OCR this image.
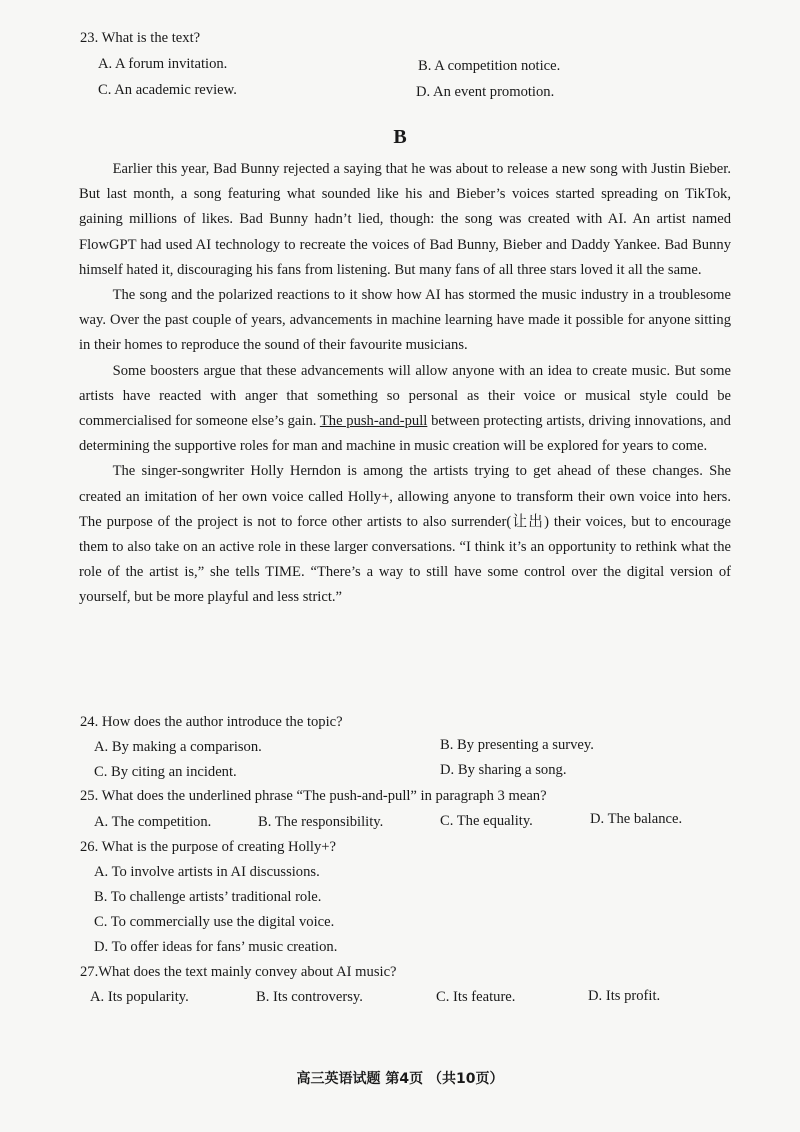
23. What is the text?
A. A forum invitation.	B. A competition notice.
C. An academic review.	D. An event promotion.
B

Earlier this year, Bad Bunny rejected a saying that he was about to release a new song with Justin Bieber. But last month, a song featuring what sounded like his and Bieber’s voices started spreading on TikTok, gaining millions of likes. Bad Bunny hadn’t lied, though: the song was created with AI. An artist named FlowGPT had used AI technology to recreate the voices of Bad Bunny, Bieber and Daddy Yankee. Bad Bunny himself hated it, discouraging his fans from listening. But many fans of all three stars loved it all the same.

The song and the polarized reactions to it show how AI has stormed the music industry in a troublesome way. Over the past couple of years, advancements in machine learning have made it possible for anyone sitting in their homes to reproduce the sound of their favourite musicians.

Some boosters argue that these advancements will allow anyone with an idea to create music. But some artists have reacted with anger that something so personal as their voice or musical style could be commercialised for someone else’s gain. The push-and-pull between protecting artists, driving innovations, and determining the supportive roles for man and machine in music creation will be explored for years to come.

The singer-songwriter Holly Herndon is among the artists trying to get ahead of these changes. She created an imitation of her own voice called Holly+, allowing anyone to transform their own voice into hers. The purpose of the project is not to force other artists to also surrender(让出) their voices, but to encourage them to also take on an active role in these larger conversations. “I think it’s an opportunity to rethink what the role of the artist is,” she tells TIME. “There’s a way to still have some control over the digital version of yourself, but be more playful and less strict.”

24. How does the author introduce the topic?
A. By making a comparison.	B. By presenting a survey.
C. By citing an incident.	D. By sharing a song.
25. What does the underlined phrase “The push-and-pull” in paragraph 3 mean?
A. The competition.	B. The responsibility.	C. The equality.	D. The balance.
26. What is the purpose of creating Holly+?
A. To involve artists in AI discussions.
B. To challenge artists’ traditional role.
C. To commercially use the digital voice.
D. To offer ideas for fans’ music creation.
27.What does the text mainly convey about AI music?
A. Its popularity.	B. Its controversy.	C. Its feature.	D. Its profit.
高三英语试题 第4页 （共10页）
